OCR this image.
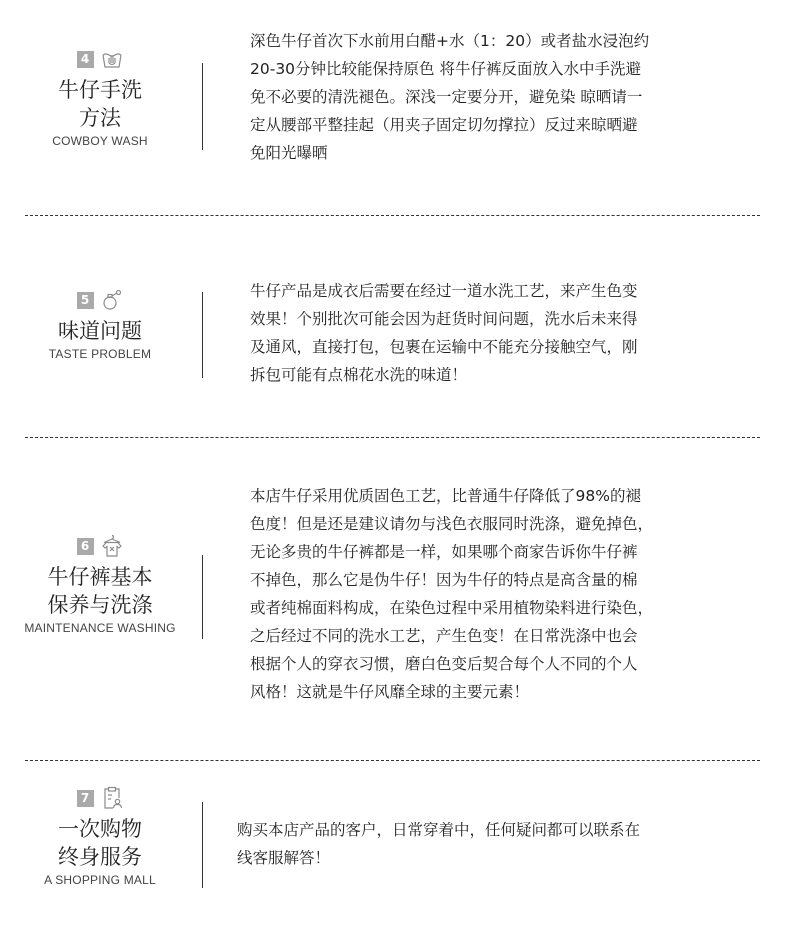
4
牛仔手洗
方法
COWBOY WASH
深色牛仔首次下水前用白醋+水（1：20）或者盐水浸泡约
20-30分钟比较能保持原色 将牛仔裤反面放入水中手洗避
免不必要的清洗褪色。深浅一定要分开，避免染 晾晒请一
定从腰部平整挂起（用夹子固定切勿撑拉）反过来晾晒避
免阳光曝晒
5
味道问题
TASTE PROBLEM
牛仔产品是成衣后需要在经过一道水洗工艺，来产生色变
效果！个别批次可能会因为赶货时间问题，洗水后未来得
及通风，直接打包，包裹在运输中不能充分接触空气，刚
拆包可能有点棉花水洗的味道！
6
牛仔裤基本
保养与洗涤
MAINTENANCE WASHING
本店牛仔采用优质固色工艺，比普通牛仔降低了98%的褪
色度！但是还是建议请勿与浅色衣服同时洗涤，避免掉色，
无论多贵的牛仔裤都是一样，如果哪个商家告诉你牛仔裤
不掉色，那么它是伪牛仔！因为牛仔的特点是高含量的棉
或者纯棉面料构成，在染色过程中采用植物染料进行染色，
之后经过不同的洗水工艺，产生色变！在日常洗涤中也会
根据个人的穿衣习惯，磨白色变后契合每个人不同的个人
风格！这就是牛仔风靡全球的主要元素！
7
一次购物
终身服务
A SHOPPING MALL
购买本店产品的客户，日常穿着中，任何疑问都可以联系在
线客服解答！
